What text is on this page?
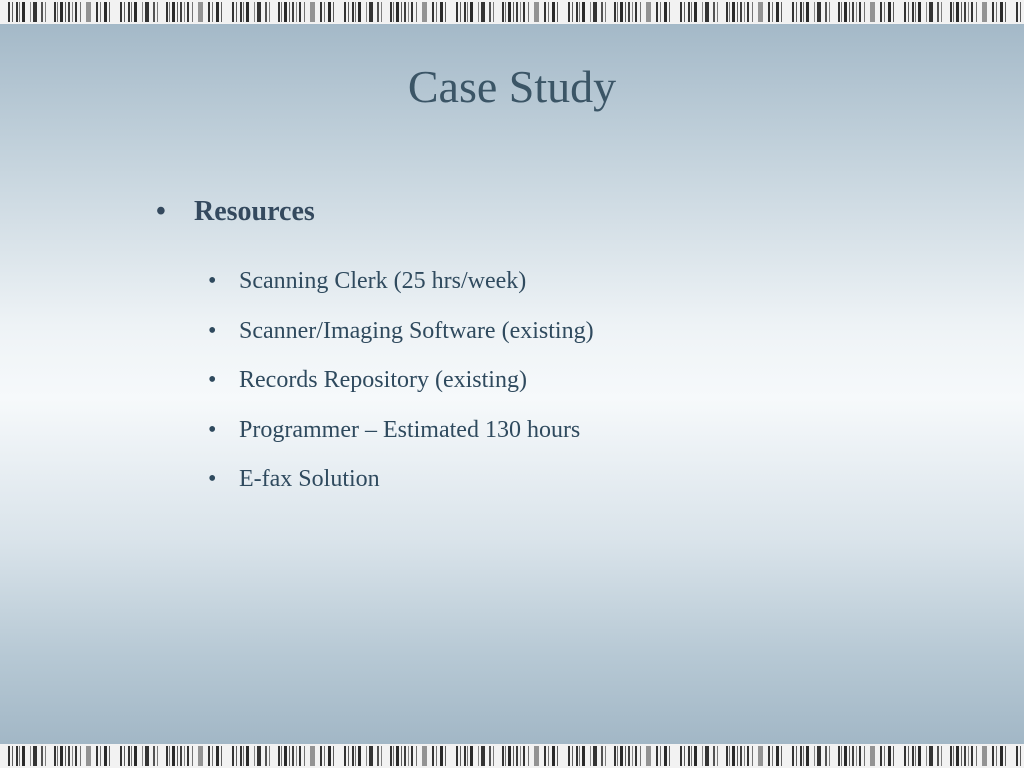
Case Study
• Resources
• Scanning Clerk (25 hrs/week)
• Scanner/Imaging Software (existing)
• Records Repository (existing)
• Programmer – Estimated 130 hours
• E-fax Solution
